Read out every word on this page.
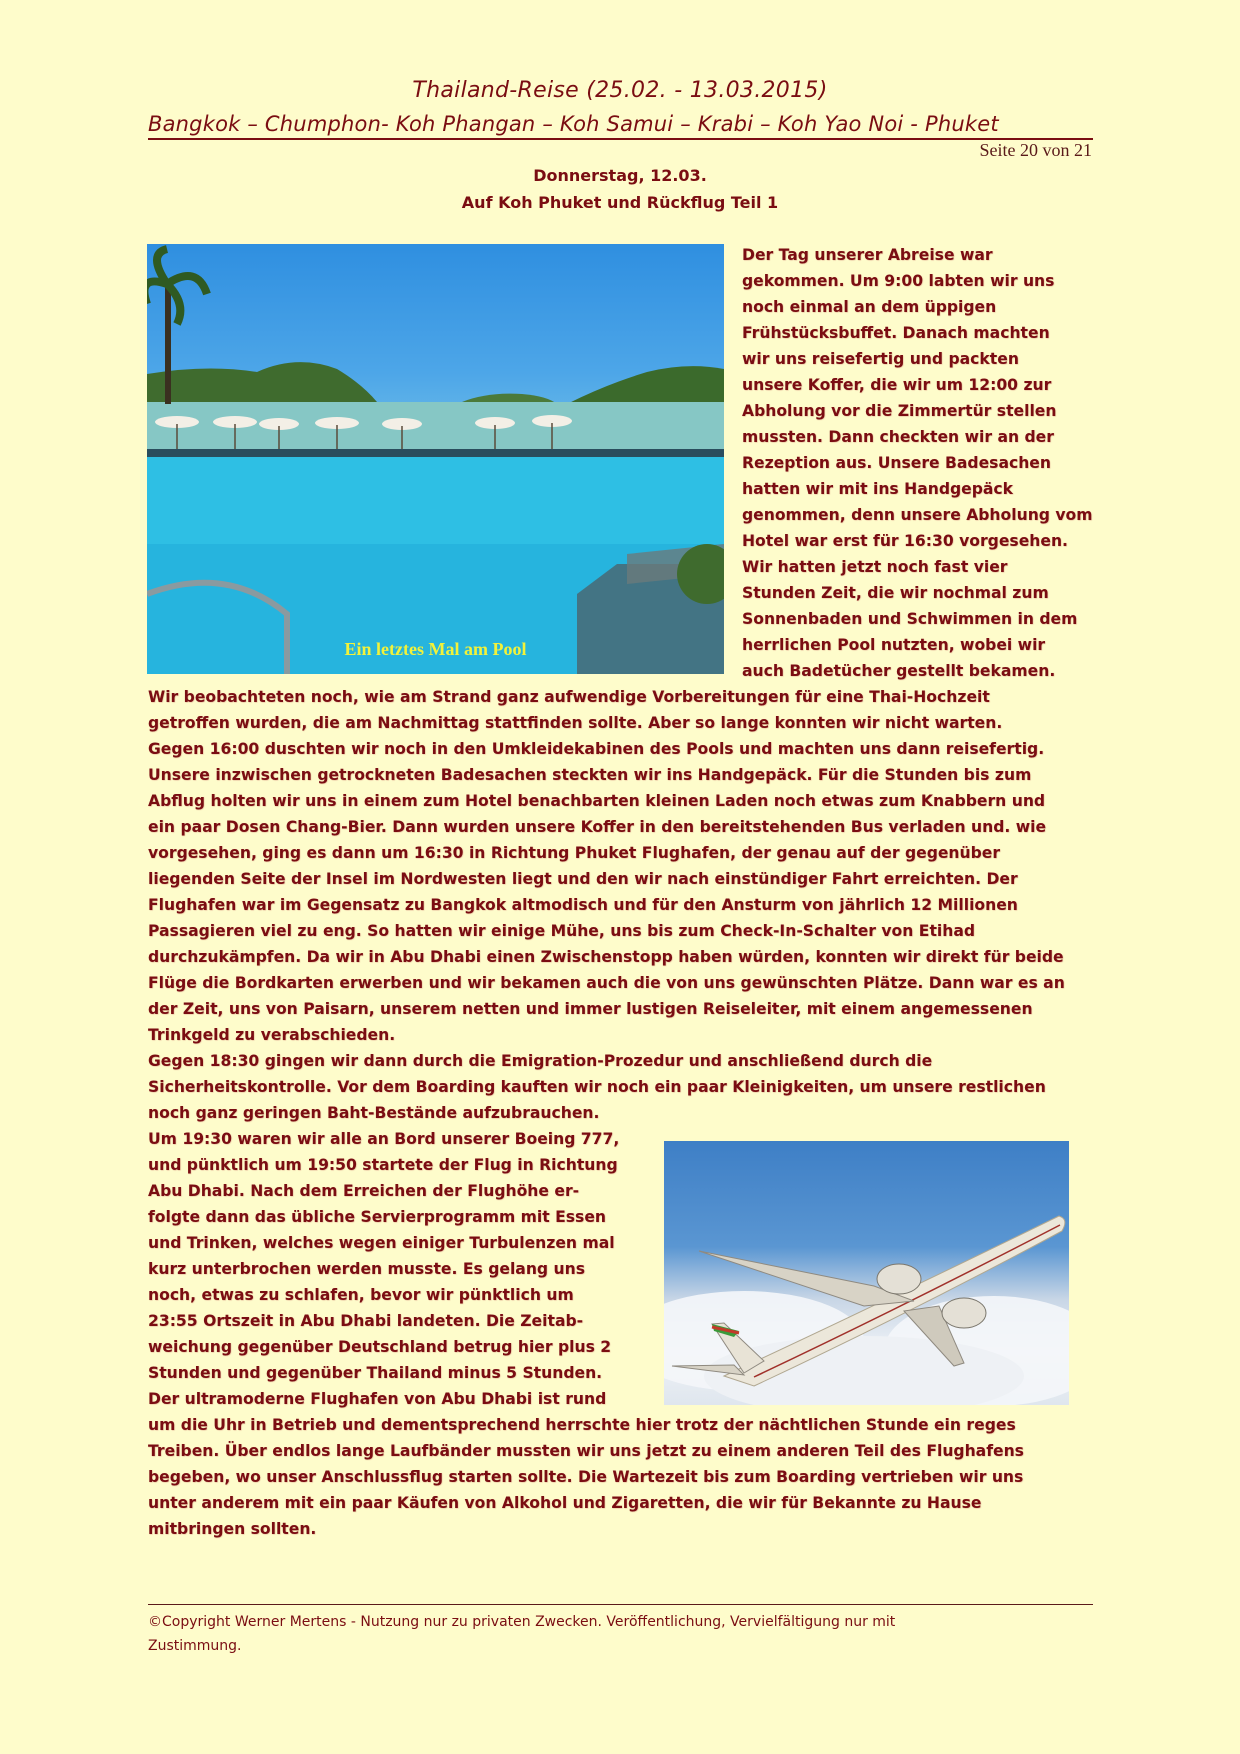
Thailand-Reise (25.02. - 13.03.2015)
Bangkok – Chumphon- Koh Phangan – Koh Samui – Krabi – Koh Yao Noi - Phuket
Seite 20 von 21
Donnerstag, 12.03.
Auf Koh Phuket und Rückflug Teil 1
Ein letztes Mal am Pool
Der Tag unserer Abreise war
gekommen. Um 9:00 labten wir uns
noch einmal an dem üppigen
Frühstücksbuffet. Danach machten
wir uns reisefertig und packten
unsere Koffer, die wir um 12:00 zur
Abholung vor die Zimmertür stellen
mussten. Dann checkten wir an der
Rezeption aus. Unsere Badesachen
hatten wir mit ins Handgepäck
genommen, denn unsere Abholung vom
Hotel war erst für 16:30 vorgesehen.
Wir hatten jetzt noch fast vier
Stunden Zeit, die wir nochmal zum
Sonnenbaden und Schwimmen in dem
herrlichen Pool nutzten, wobei wir
auch Badetücher gestellt bekamen.
Wir beobachteten noch, wie am Strand ganz aufwendige Vorbereitungen für eine Thai-Hochzeit
getroffen wurden, die am Nachmittag stattfinden sollte. Aber so lange konnten wir nicht warten.
Gegen 16:00 duschten wir noch in den Umkleidekabinen des Pools und machten uns dann reisefertig.
Unsere inzwischen getrockneten Badesachen steckten wir ins Handgepäck. Für die Stunden bis zum
Abflug holten wir uns in einem zum Hotel benachbarten kleinen Laden noch etwas zum Knabbern und
ein paar Dosen Chang-Bier. Dann wurden unsere Koffer in den bereitstehenden Bus verladen und. wie
vorgesehen, ging es dann um 16:30 in Richtung Phuket Flughafen, der genau auf der gegenüber
liegenden Seite der Insel im Nordwesten liegt und den wir nach einstündiger Fahrt erreichten. Der
Flughafen war im Gegensatz zu Bangkok altmodisch und für den Ansturm von jährlich 12 Millionen
Passagieren viel zu eng. So hatten wir einige Mühe, uns bis zum Check-In-Schalter von Etihad
durchzukämpfen. Da wir in Abu Dhabi einen Zwischenstopp haben würden, konnten wir direkt für beide
Flüge die Bordkarten erwerben und wir bekamen auch die von uns gewünschten Plätze. Dann war es an
der Zeit, uns von Paisarn, unserem netten und immer lustigen Reiseleiter, mit einem angemessenen
Trinkgeld zu verabschieden.
Gegen 18:30 gingen wir dann durch die Emigration-Prozedur und anschließend durch die
Sicherheitskontrolle. Vor dem Boarding kauften wir noch ein paar Kleinigkeiten, um unsere restlichen
noch ganz geringen Baht-Bestände aufzubrauchen.
Um 19:30 waren wir alle an Bord unserer Boeing 777,
und pünktlich um 19:50 startete der Flug in Richtung
Abu Dhabi. Nach dem Erreichen der Flughöhe er-
folgte dann das übliche Servierprogramm mit Essen
und Trinken, welches wegen einiger Turbulenzen mal
kurz unterbrochen werden musste. Es gelang uns
noch, etwas zu schlafen, bevor wir pünktlich um
23:55 Ortszeit in Abu Dhabi landeten. Die Zeitab-
weichung gegenüber Deutschland betrug hier plus 2
Stunden und gegenüber Thailand minus 5 Stunden.
Der ultramoderne Flughafen von Abu Dhabi ist rund
um die Uhr in Betrieb und dementsprechend herrschte hier trotz der nächtlichen Stunde ein reges
Treiben. Über endlos lange Laufbänder mussten wir uns jetzt zu einem anderen Teil des Flughafens
begeben, wo unser Anschlussflug starten sollte. Die Wartezeit bis zum Boarding vertrieben wir uns
unter anderem mit ein paar Käufen von Alkohol und Zigaretten, die wir für Bekannte zu Hause
mitbringen sollten.
©Copyright Werner Mertens - Nutzung nur zu privaten Zwecken. Veröffentlichung, Vervielfältigung nur mit
Zustimmung.
